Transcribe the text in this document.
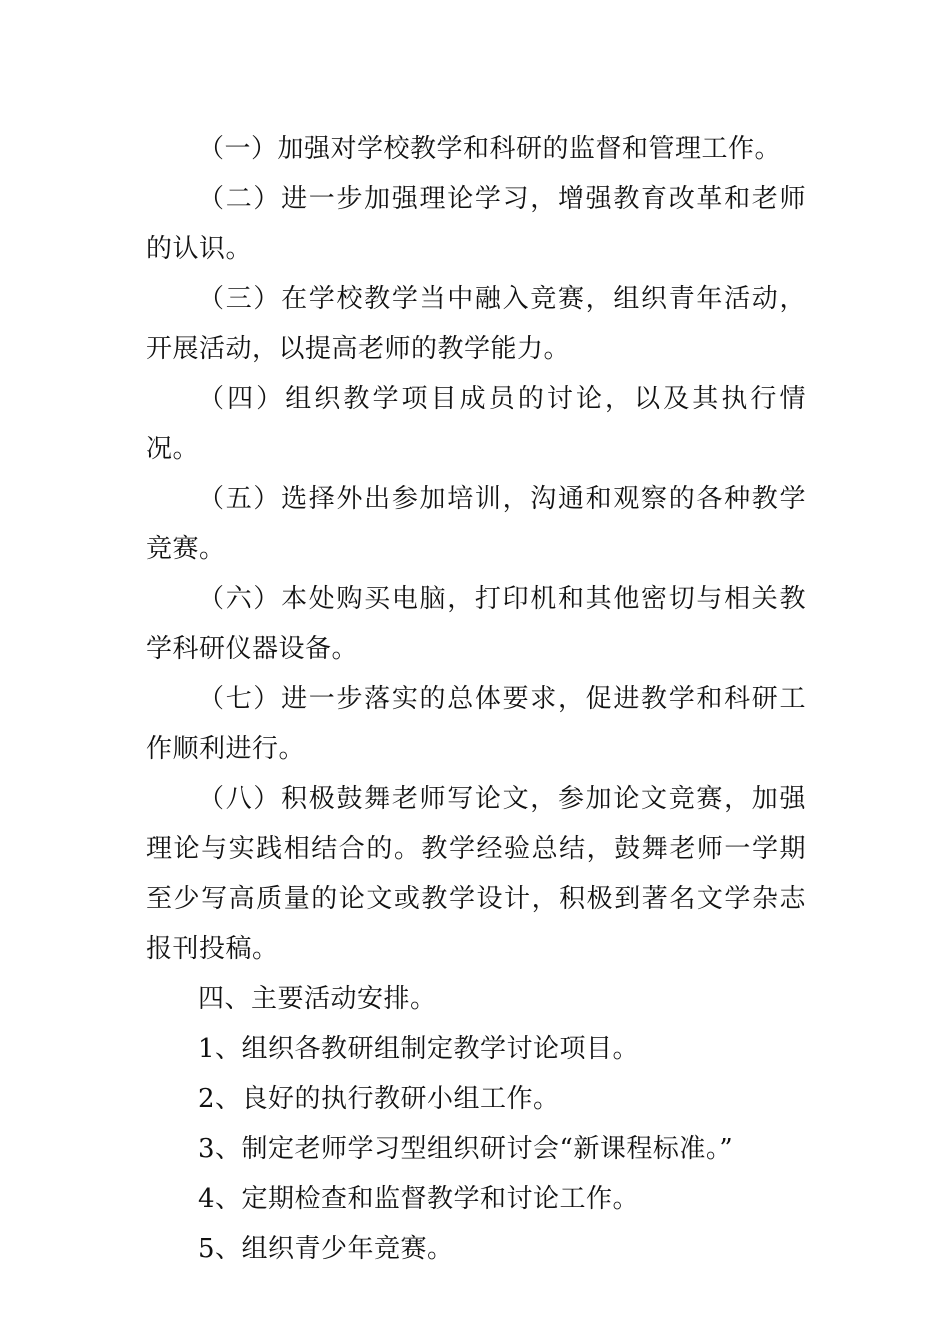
（一）加强对学校教学和科研的监督和管理工作。

（二）进一步加强理论学习，增强教育改革和老师的认识。

（三）在学校教学当中融入竞赛，组织青年活动，开展活动，以提高老师的教学能力。

（四）组织教学项目成员的讨论，以及其执行情况。

（五）选择外出参加培训，沟通和观察的各种教学竞赛。

（六）本处购买电脑，打印机和其他密切与相关教学科研仪器设备。

（七）进一步落实的总体要求，促进教学和科研工作顺利进行。

（八）积极鼓舞老师写论文，参加论文竞赛，加强理论与实践相结合的。教学经验总结，鼓舞老师一学期至少写高质量的论文或教学设计，积极到著名文学杂志报刊投稿。

四、主要活动安排。

1、组织各教研组制定教学讨论项目。

2、良好的执行教研小组工作。

3、制定老师学习型组织研讨会“新课程标准。”

4、定期检查和监督教学和讨论工作。

5、组织青少年竞赛。
